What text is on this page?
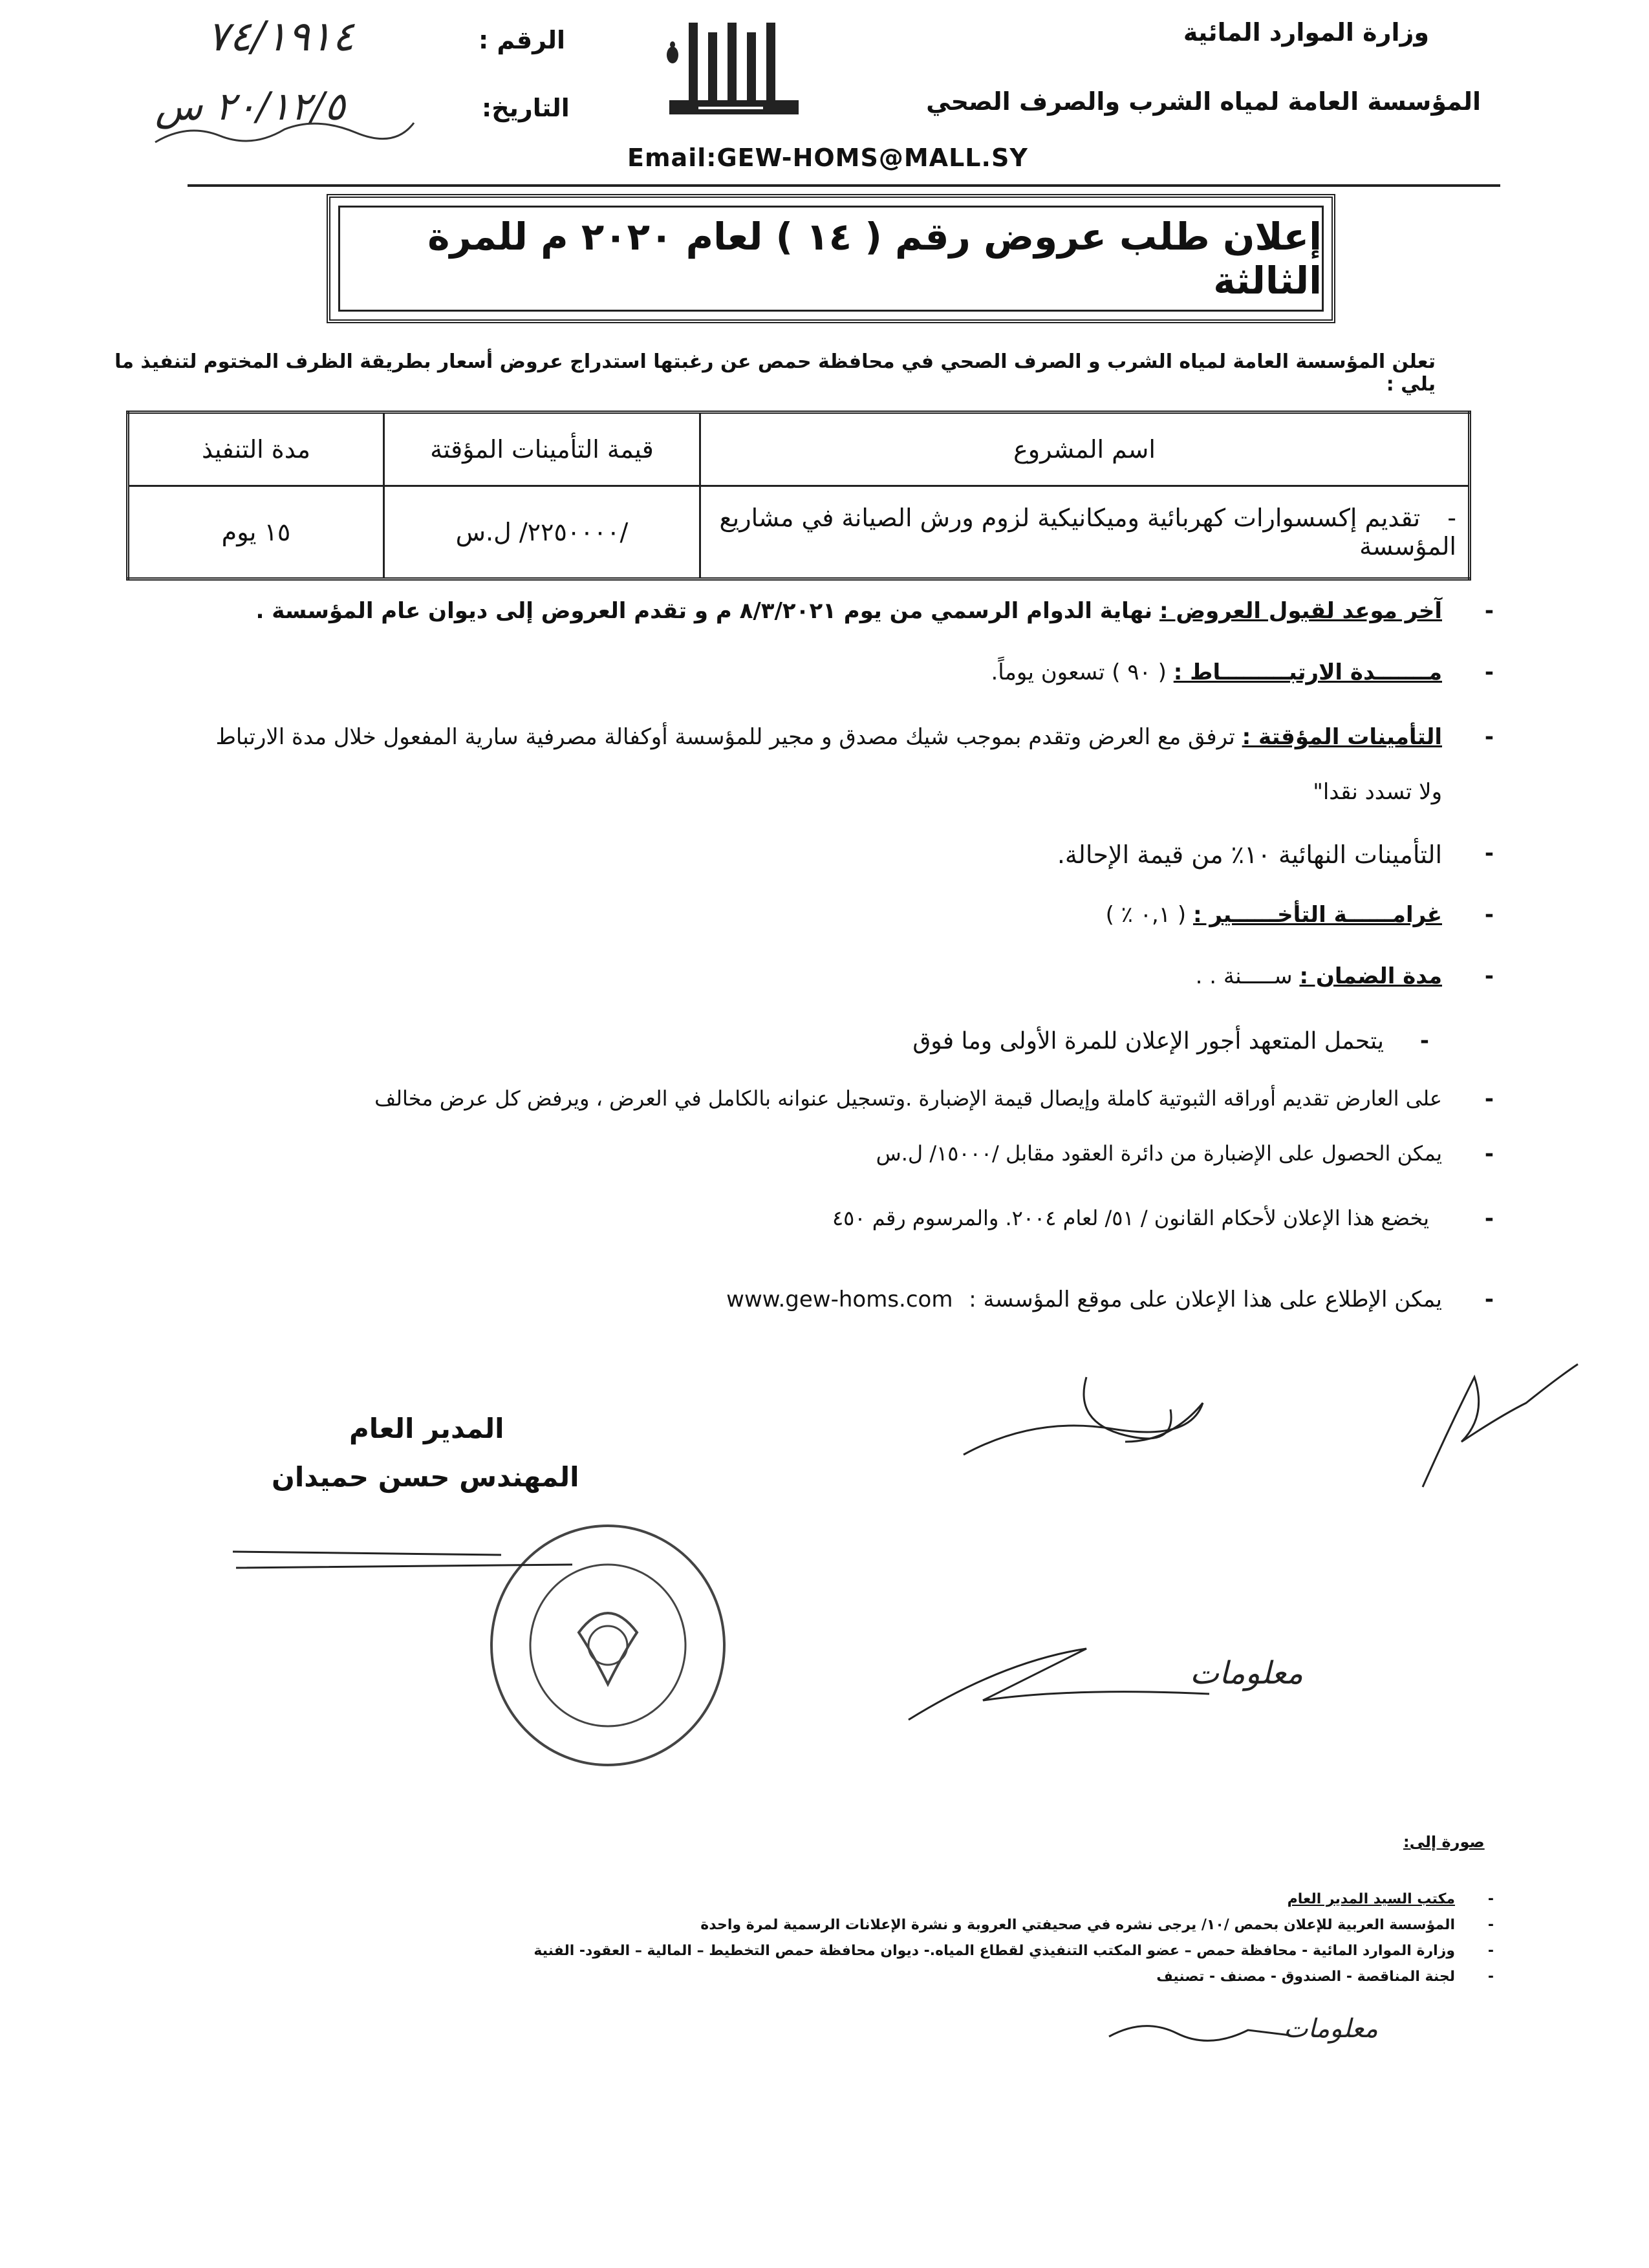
وزارة الموارد المائية
المؤسسة العامة لمياه الشرب والصرف الصحي
Email:GEW-HOMS@MALL.SY
الرقم :
٧٤/١٩١٤
التاريخ:
٢٠/١٢/٥ س
إعلان طلب عروض رقم ( ١٤ ) لعام ٢٠٢٠ م للمرة الثالثة
تعلن المؤسسة العامة لمياه الشرب و الصرف الصحي في محافظة حمص عن رغبتها استدراج عروض أسعار بطريقة الظرف المختوم لتنفيذ ما يلي :
مدة التنفيذ	قيمة التأمينات المؤقتة	اسم المشروع
١٥ يوم	/٢٢٥٠٠٠٠/ ل.س	- تقديم إكسسوارات كهربائية وميكانيكية لزوم ورش الصيانة في مشاريع المؤسسة
-
آخر موعد لقبول العروض : نهاية الدوام الرسمي من يوم ٨/٣/٢٠٢١ م و تقدم العروض إلى ديوان عام المؤسسة .
-
مـــــــدة الارتبـــــــــاط : ( ٩٠ ) تسعون يوماً.
-
التأمينات المؤقتة : ترفق مع العرض وتقدم بموجب شيك مصدق و مجير للمؤسسة أوكفالة مصرفية سارية المفعول خلال مدة الارتباط
ولا تسدد نقدا"
-
التأمينات النهائية ١٠٪ من قيمة الإحالة.
-
غرامــــــة التأخــــــير : ( ٠,١ ٪ )
-
مدة الضمان : ســـــنة . .
-
يتحمل المتعهد أجور الإعلان للمرة الأولى وما فوق
-
على العارض تقديم أوراقه الثبوتية كاملة وإيصال قيمة الإضبارة .وتسجيل عنوانه بالكامل في العرض ، ويرفض كل عرض مخالف
-
يمكن الحصول على الإضبارة من دائرة العقود مقابل /١٥٠٠٠/ ل.س
-
يخضع هذا الإعلان لأحكام القانون / ٥١/ لعام ٢٠٠٤. والمرسوم رقم ٤٥٠
-
يمكن الإطلاع على هذا الإعلان على موقع المؤسسة : www.gew-homs.com
المدير العام
المهندس حسن حميدان
معلومات
صورة إلى:
-
مكتب السيد المدير العام
-
المؤسسة العربية للإعلان بحمص /١٠/ يرجى نشره في صحيفتي العروبة و نشرة الإعلانات الرسمية لمرة واحدة
-
وزارة الموارد المائية - محافظة حمص – عضو المكتب التنفيذي لقطاع المياه.- ديوان محافظة حمص التخطيط – المالية – العقود- الفنية
-
لجنة المناقصة - الصندوق - مصنف - تصنيف
معلومات
